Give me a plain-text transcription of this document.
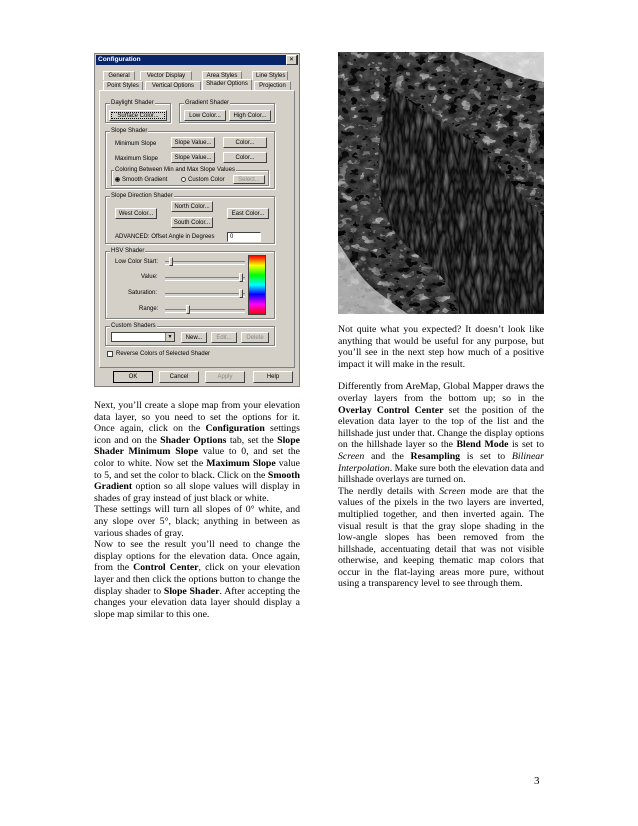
Configuration	✕
General	Vector Display	Area Styles	Line Styles
Point Styles	Vertical Options	Shader Options	Projection
Daylight Shader
Surface Color...
Gradient Shader
Low Color...	High Color...
Slope Shader
Minimum Slope	Slope Value...	Color...
Maximum Slope	Slope Value...	Color...
Coloring Between Min and Max Slope Values
Smooth Gradient	Custom Color	Select...
Slope Direction Shader
North Color...
West Color...	East Color...
South Color...
ADVANCED: Offset Angle in Degrees	0
HSV Shader
Low Color Start:
Value:
Saturation:
Range:
Custom Shaders
▼	New...	Edit...	Delete
Reverse Colors of Selected Shader
OK	Cancel	Apply	Help

Next, you’ll create a slope map from your elevation data layer, so you need to set the options for it. Once again, click on the Configuration settings icon and on the Shader Options tab, set the Slope Shader Minimum Slope value to 0, and set the color to white. Now set the Maximum Slope value to 5, and set the color to black. Click on the Smooth Gradient option so all slope values will display in shades of gray instead of just black or white.

These settings will turn all slopes of 0° white, and any slope over 5°, black; anything in between as various shades of gray.

Now to see the result you’ll need to change the display options for the elevation data. Once again, from the Control Center, click on your elevation layer and then click the options button to change the display shader to Slope Shader. After accepting the changes your elevation data layer should display a slope map similar to this one.

Not quite what you expected? It doesn’t look like anything that would be useful for any purpose, but you’ll see in the next step how much of a positive impact it will make in the result.

Differently from AreMap, Global Mapper draws the overlay layers from the bottom up; so in the Overlay Control Center set the position of the elevation data layer to the top of the list and the hillshade just under that. Change the display options on the hillshade layer so the Blend Mode is set to Screen and the Resampling is set to Bilinear Interpolation. Make sure both the elevation data and hillshade overlays are turned on.

The nerdly details with Screen mode are that the values of the pixels in the two layers are inverted, multiplied together, and then inverted again. The visual result is that the gray slope shading in the low-angle slopes has been removed from the hillshade, accentuating detail that was not visible otherwise, and keeping thematic map colors that occur in the flat-laying areas more pure, without using a transparency level to see through them.

3
